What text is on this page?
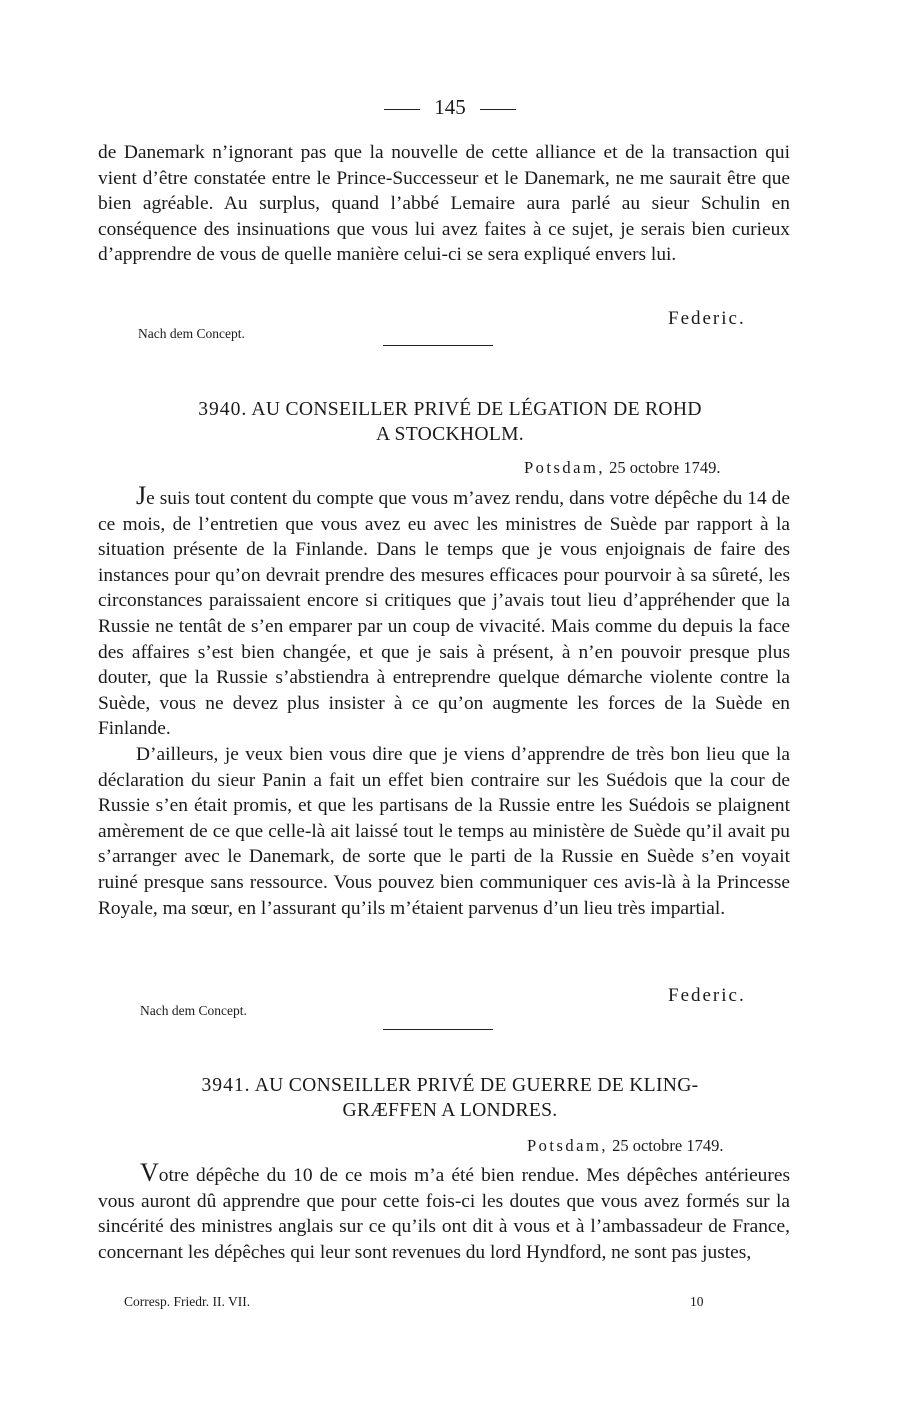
145

de Danemark n’ignorant pas que la nouvelle de cette alliance et de la transaction qui vient d’être constatée entre le Prince-Successeur et le Danemark, ne me saurait être que bien agréable. Au surplus, quand l’abbé Lemaire aura parlé au sieur Schulin en conséquence des insinuations que vous lui avez faites à ce sujet, je serais bien curieux d’apprendre de vous de quelle manière celui-ci se sera expliqué envers lui.

Federic.
Nach dem Concept.
3940. AU CONSEILLER PRIVÉ DE LÉGATION DE ROHD
A STOCKHOLM.
Potsdam, 25 octobre 1749.

Je suis tout content du compte que vous m’avez rendu, dans votre dépêche du 14 de ce mois, de l’entretien que vous avez eu avec les ministres de Suède par rapport à la situation présente de la Finlande. Dans le temps que je vous enjoignais de faire des instances pour qu’on devrait prendre des mesures efficaces pour pourvoir à sa sûreté, les circonstances paraissaient encore si critiques que j’avais tout lieu d’appréhender que la Russie ne tentât de s’en emparer par un coup de vivacité. Mais comme du depuis la face des affaires s’est bien changée, et que je sais à présent, à n’en pouvoir presque plus douter, que la Russie s’abstiendra à entreprendre quelque démarche violente contre la Suède, vous ne devez plus insister à ce qu’on augmente les forces de la Suède en Finlande.

D’ailleurs, je veux bien vous dire que je viens d’apprendre de très bon lieu que la déclaration du sieur Panin a fait un effet bien contraire sur les Suédois que la cour de Russie s’en était promis, et que les partisans de la Russie entre les Suédois se plaignent amèrement de ce que celle-là ait laissé tout le temps au ministère de Suède qu’il avait pu s’arranger avec le Danemark, de sorte que le parti de la Russie en Suède s’en voyait ruiné presque sans ressource. Vous pouvez bien communiquer ces avis-là à la Princesse Royale, ma sœur, en l’assurant qu’ils m’étaient parvenus d’un lieu très impartial.

Federic.
Nach dem Concept.
3941. AU CONSEILLER PRIVÉ DE GUERRE DE KLING-
GRÆFFEN A LONDRES.
Potsdam, 25 octobre 1749.

Votre dépêche du 10 de ce mois m’a été bien rendue. Mes dépêches antérieures vous auront dû apprendre que pour cette fois-ci les doutes que vous avez formés sur la sincérité des ministres anglais sur ce qu’ils ont dit à vous et à l’ambassadeur de France, concernant les dépêches qui leur sont revenues du lord Hyndford, ne sont pas justes,

Corresp. Friedr. II. VII.	10
